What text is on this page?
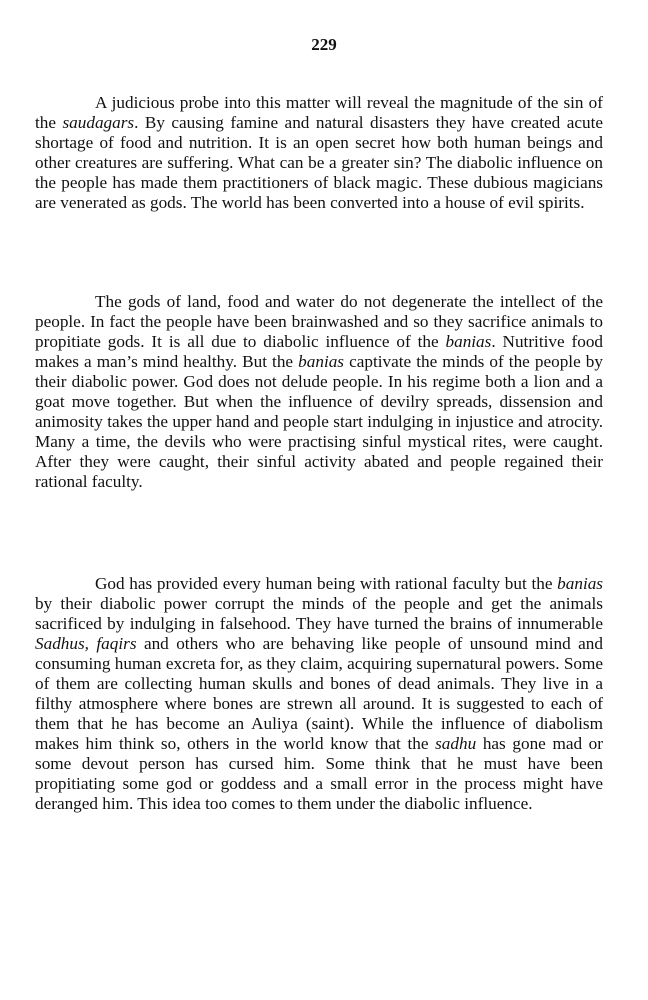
229

A judicious probe into this matter will reveal the magnitude of the sin of the saudagars. By causing famine and natural disasters they have created acute shortage of food and nutrition. It is an open secret how both human beings and other creatures are suffering. What can be a greater sin? The diabolic influence on the people has made them practitioners of black magic. These dubious magicians are venerated as gods. The world has been converted into a house of evil spirits.

The gods of land, food and water do not degenerate the intellect of the people. In fact the people have been brainwashed and so they sacrifice animals to propitiate gods. It is all due to diabolic influence of the banias. Nutritive food makes a man’s mind healthy. But the banias captivate the minds of the people by their diabolic power. God does not delude people. In his regime both a lion and a goat move together. But when the influence of devilry spreads, dissension and animosity takes the upper hand and people start indulging in injustice and atrocity. Many a time, the devils who were practising sinful mystical rites, were caught. After they were caught, their sinful activity abated and people regained their rational faculty.

God has provided every human being with rational faculty but the banias by their diabolic power corrupt the minds of the people and get the animals sacrificed by indulging in falsehood. They have turned the brains of innumerable Sadhus, faqirs and others who are behaving like people of unsound mind and consuming human excreta for, as they claim, acquiring supernatural powers. Some of them are collecting human skulls and bones of dead animals. They live in a filthy atmosphere where bones are strewn all around. It is suggested to each of them that he has become an Auliya (saint). While the influence of diabolism makes him think so, others in the world know that the sadhu has gone mad or some devout person has cursed him. Some think that he must have been propitiating some god or goddess and a small error in the process might have deranged him. This idea too comes to them under the diabolic influence.
